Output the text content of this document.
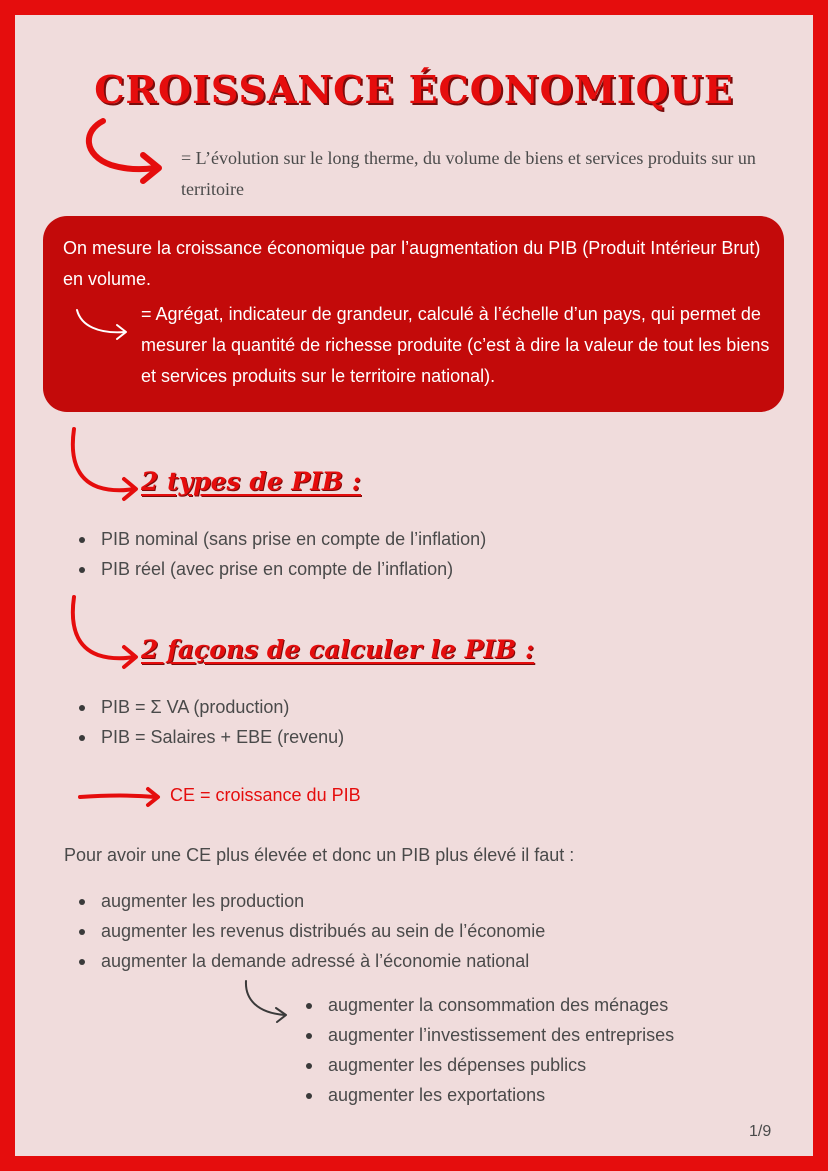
CROISSANCE ÉCONOMIQUE
= L’évolution sur le long therme, du volume de biens et services produits sur un territoire
On mesure la croissance économique par l’augmentation du PIB (Produit Intérieur Brut) en volume.
= Agrégat, indicateur de grandeur, calculé à l’échelle d’un pays, qui permet de mesurer la quantité de richesse produite (c’est à dire la valeur de tout les biens et services produits sur le territoire national).
2 types de PIB :
PIB nominal (sans prise en compte de l’inflation)
PIB réel (avec prise en compte de l’inflation)
2 façons de calculer le PIB :
PIB = Σ VA (production)
PIB = Salaires + EBE (revenu)
CE = croissance du PIB
Pour avoir une CE plus élevée et donc un PIB plus élevé il faut :
augmenter les production
augmenter les revenus distribués au sein de l’économie
augmenter la demande adressé à l’économie national
augmenter la consommation des ménages
augmenter l’investissement des entreprises
augmenter les dépenses publics
augmenter les exportations
1/9
